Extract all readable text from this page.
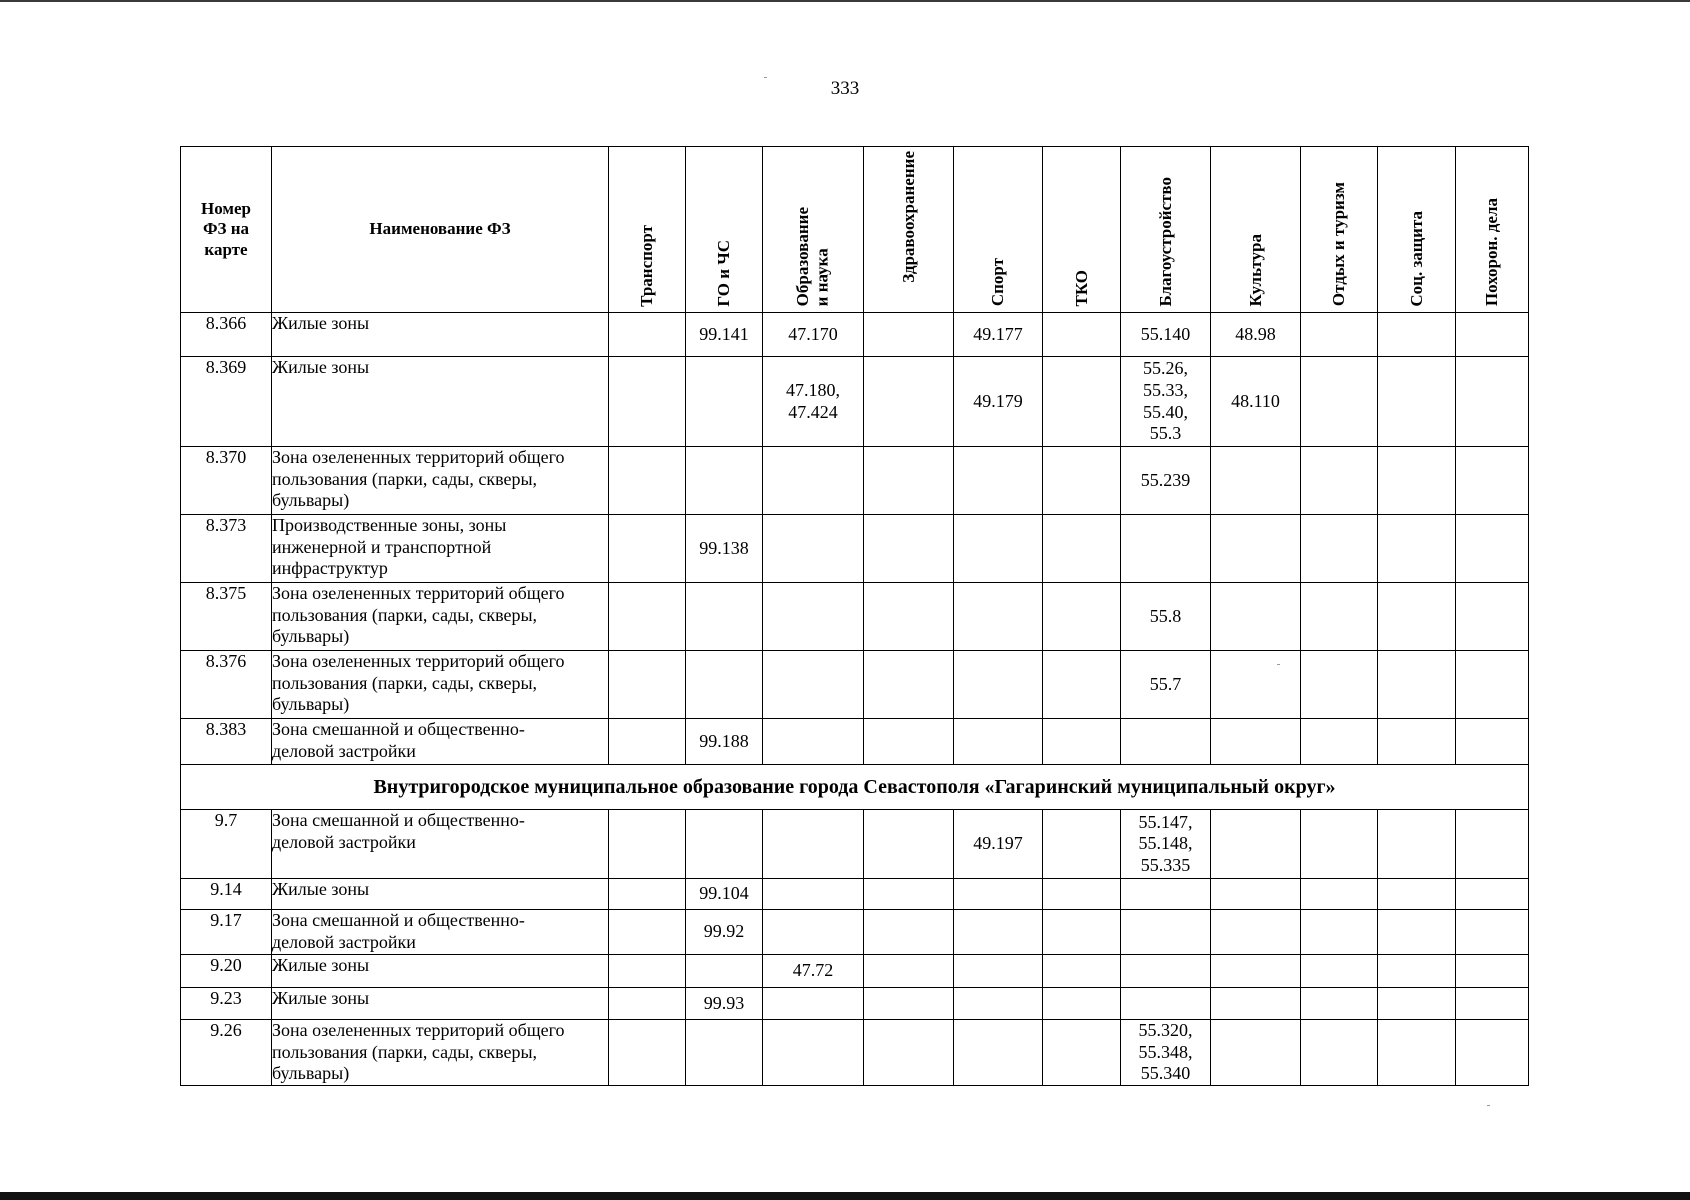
333
Номер
ФЗ на
карте	Наименование ФЗ	Транспорт	ГО и ЧС	Образование
и наука	Здравоохранение	Спорт	ТКО	Благоустройство	Культура	Отдых и туризм	Соц. защита	Похорон. дела
8.366	Жилые зоны		99.141	47.170		49.177		55.140	48.98			
8.369	Жилые зоны			47.180,
47.424		49.179		55.26,
55.33,
55.40,
55.3	48.110			
8.370	Зона озелененных территорий общего
пользования (парки, сады, скверы,
бульвары)							55.239				
8.373	Производственные зоны, зоны
инженерной и транспортной
инфраструктур		99.138									
8.375	Зона озелененных территорий общего
пользования (парки, сады, скверы,
бульвары)							55.8				
8.376	Зона озелененных территорий общего
пользования (парки, сады, скверы,
бульвары)							55.7				
8.383	Зона смешанной и общественно-
деловой застройки		99.188									
Внутригородское муниципальное образование города Севастополя «Гагаринский муниципальный округ»												
9.7	Зона смешанной и общественно-
деловой застройки					49.197		55.147,
55.148,
55.335				
9.14	Жилые зоны		99.104									
9.17	Зона смешанной и общественно-
деловой застройки		99.92									
9.20	Жилые зоны			47.72								
9.23	Жилые зоны		99.93									
9.26	Зона озелененных территорий общего
пользования (парки, сады, скверы,
бульвары)							55.320,
55.348,
55.340				
